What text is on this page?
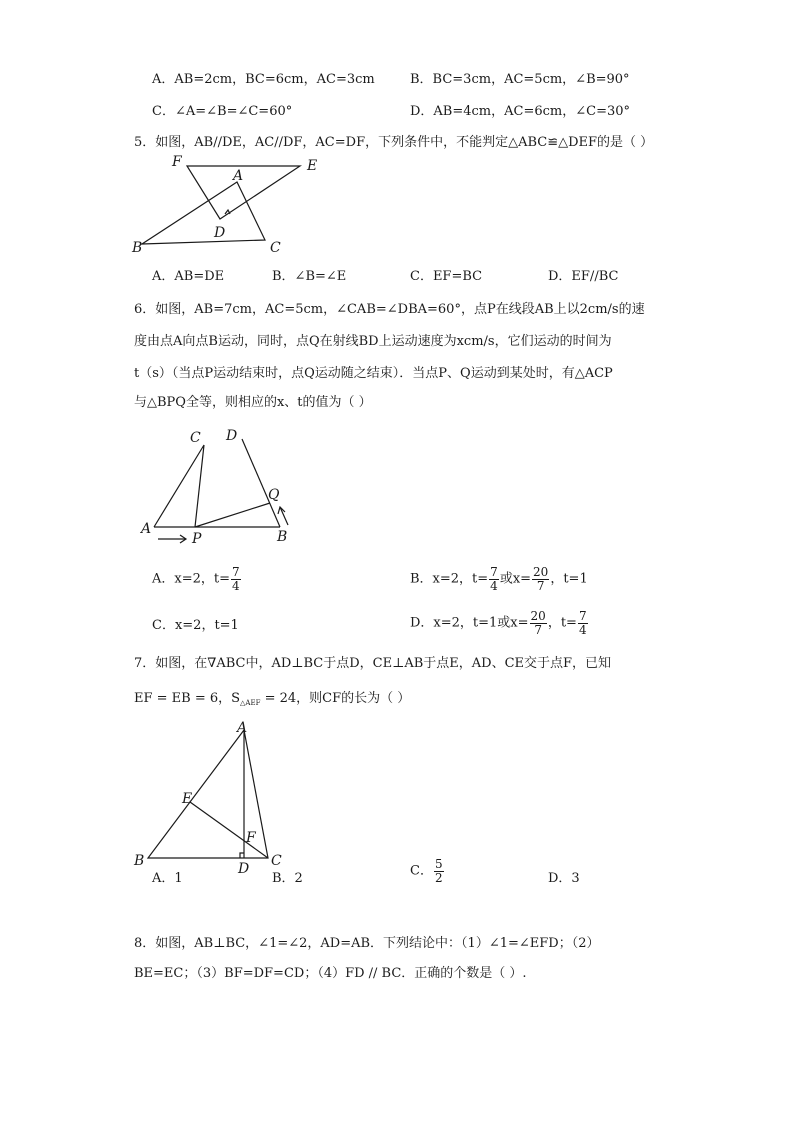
A．AB=2cm，BC=6cm，AC=3cm	B．BC=3cm，AC=5cm，∠B=90°
C．∠A=∠B=∠C=60°	D．AB=4cm，AC=6cm，∠C=30°
5．如图，AB//DE，AC//DF，AC=DF，下列条件中，不能判定△ABC≌△DEF的是（ ）
F	E
A
D
B	C
A．AB=DE	B．∠B=∠E	C．EF=BC	D．EF//BC
6．如图，AB=7cm，AC=5cm，∠CAB=∠DBA=60°，点P在线段AB上以2cm/s的速
度由点A向点B运动，同时，点Q在射线BD上运动速度为xcm/s，它们运动的时间为
t（s）（当点P运动结束时，点Q运动随之结束）．当点P、Q运动到某处时，有△ACP
与△BPQ全等，则相应的x、t的值为（ ）
C D
Q
A
P	B
A．x=2，$t= \frac{7}{4}$	B．x=2，$t= \frac{7}{4}$ 或$x= \frac{20}{7}$ ，t=1
C．x=2，t=1	D．x=2，t=1或$x= \frac{20}{7}$ ，$t= \frac{7}{4}$
7．如图，在∇ABC中，AD⊥BC于点D，CE⊥AB于点E，AD、CE交于点F，已知
EF = EB = 6，$S_{\triangle AEF} = 24$，则CF的长为（ ）
A
E
F
B	D C
A．1	B．2	C． $\frac{5}{2}$	D．3
8．如图，AB⊥BC，∠1=∠2，AD=AB．下列结论中：（1）∠1=∠EFD；（2）
BE=EC；（3）BF=DF=CD；（4）FD // BC．正确的个数是（ ）.
